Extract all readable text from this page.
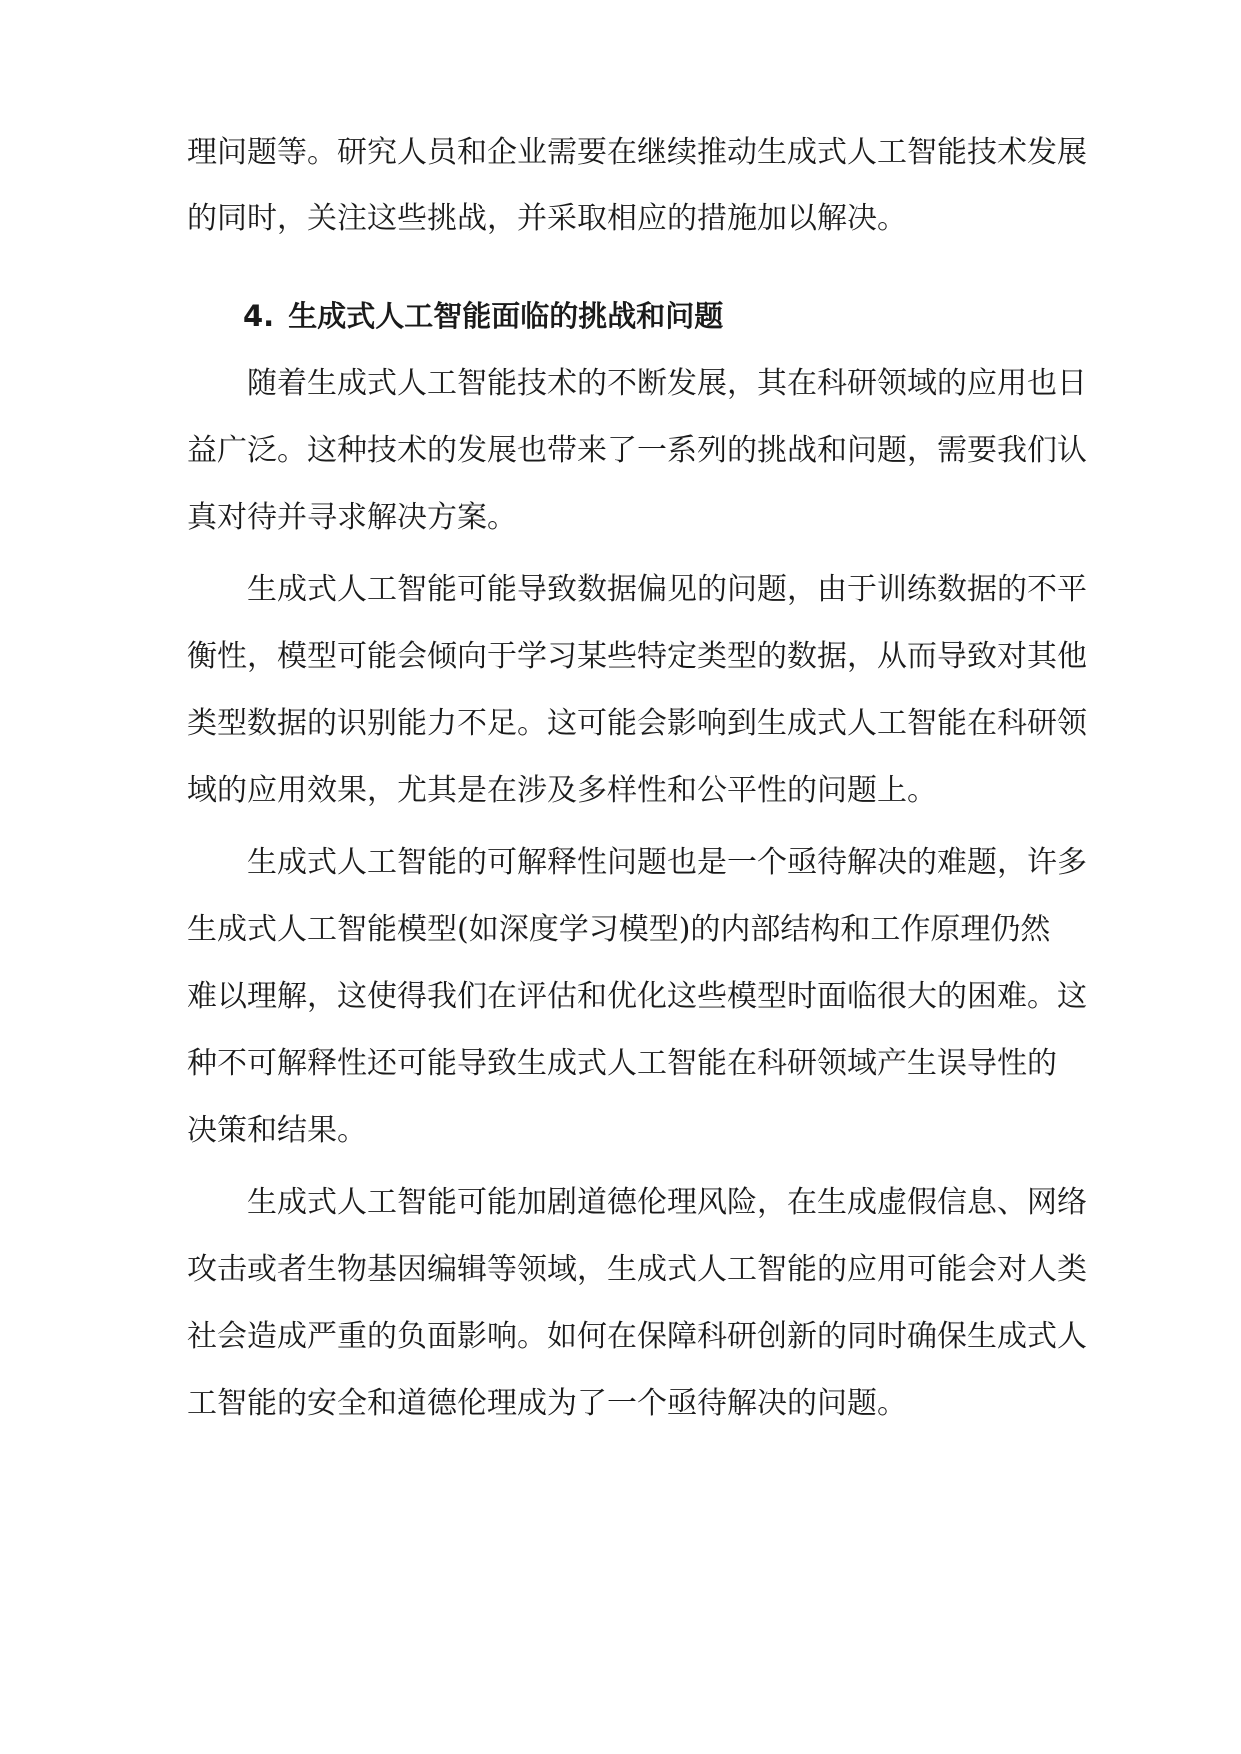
理问题等。研究人员和企业需要在继续推动生成式人工智能技术发展
的同时，关注这些挑战，并采取相应的措施加以解决。
4. 生成式人工智能面临的挑战和问题
随着生成式人工智能技术的不断发展，其在科研领域的应用也日
益广泛。这种技术的发展也带来了一系列的挑战和问题，需要我们认
真对待并寻求解决方案。
生成式人工智能可能导致数据偏见的问题，由于训练数据的不平
衡性，模型可能会倾向于学习某些特定类型的数据，从而导致对其他
类型数据的识别能力不足。这可能会影响到生成式人工智能在科研领
域的应用效果，尤其是在涉及多样性和公平性的问题上。
生成式人工智能的可解释性问题也是一个亟待解决的难题，许多
生成式人工智能模型(如深度学习模型)的内部结构和工作原理仍然
难以理解，这使得我们在评估和优化这些模型时面临很大的困难。这
种不可解释性还可能导致生成式人工智能在科研领域产生误导性的
决策和结果。
生成式人工智能可能加剧道德伦理风险，在生成虚假信息、网络
攻击或者生物基因编辑等领域，生成式人工智能的应用可能会对人类
社会造成严重的负面影响。如何在保障科研创新的同时确保生成式人
工智能的安全和道德伦理成为了一个亟待解决的问题。
